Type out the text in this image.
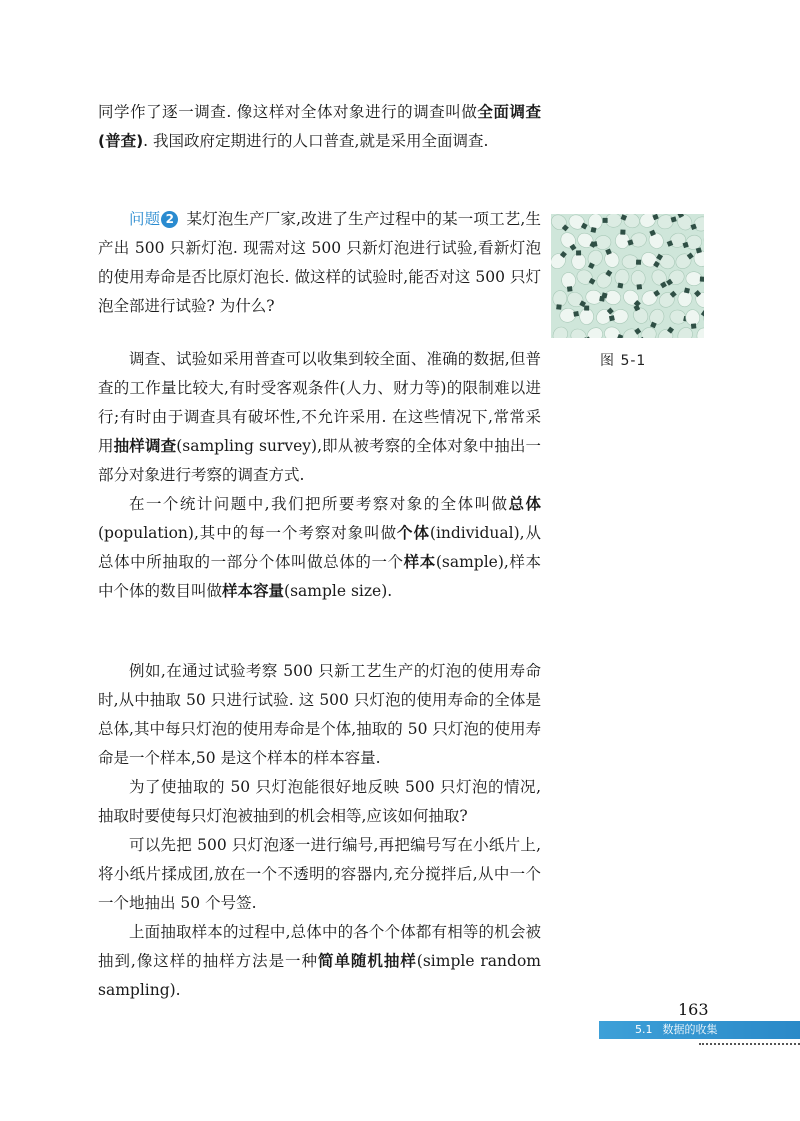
同学作了逐一调查. 像这样对全体对象进行的调查叫做全面调查(普查). 我国政府定期进行的人口普查,就是采用全面调查.

问题 2 某灯泡生产厂家,改进了生产过程中的某一项工艺,生产出 500 只新灯泡. 现需对这 500 只新灯泡进行试验,看新灯泡的使用寿命是否比原灯泡长. 做这样的试验时,能否对这 500 只灯泡全部进行试验? 为什么?

图 5-1

调查、试验如采用普查可以收集到较全面、准确的数据,但普查的工作量比较大,有时受客观条件(人力、财力等)的限制难以进行;有时由于调查具有破坏性,不允许采用. 在这些情况下,常常采用抽样调查(sampling survey),即从被考察的全体对象中抽出一部分对象进行考察的调查方式.

在一个统计问题中,我们把所要考察对象的全体叫做总体(population),其中的每一个考察对象叫做个体(individual),从总体中所抽取的一部分个体叫做总体的一个样本(sample),样本中个体的数目叫做样本容量(sample size).

例如,在通过试验考察 500 只新工艺生产的灯泡的使用寿命时,从中抽取 50 只进行试验. 这 500 只灯泡的使用寿命的全体是总体,其中每只灯泡的使用寿命是个体,抽取的 50 只灯泡的使用寿命是一个样本,50 是这个样本的样本容量.

为了使抽取的 50 只灯泡能很好地反映 500 只灯泡的情况,抽取时要使每只灯泡被抽到的机会相等,应该如何抽取?

可以先把 500 只灯泡逐一进行编号,再把编号写在小纸片上,将小纸片揉成团,放在一个不透明的容器内,充分搅拌后,从中一个一个地抽出 50 个号签.

上面抽取样本的过程中,总体中的各个个体都有相等的机会被抽到,像这样的抽样方法是一种简单随机抽样(simple random sampling).

163
5.1 数据的收集
